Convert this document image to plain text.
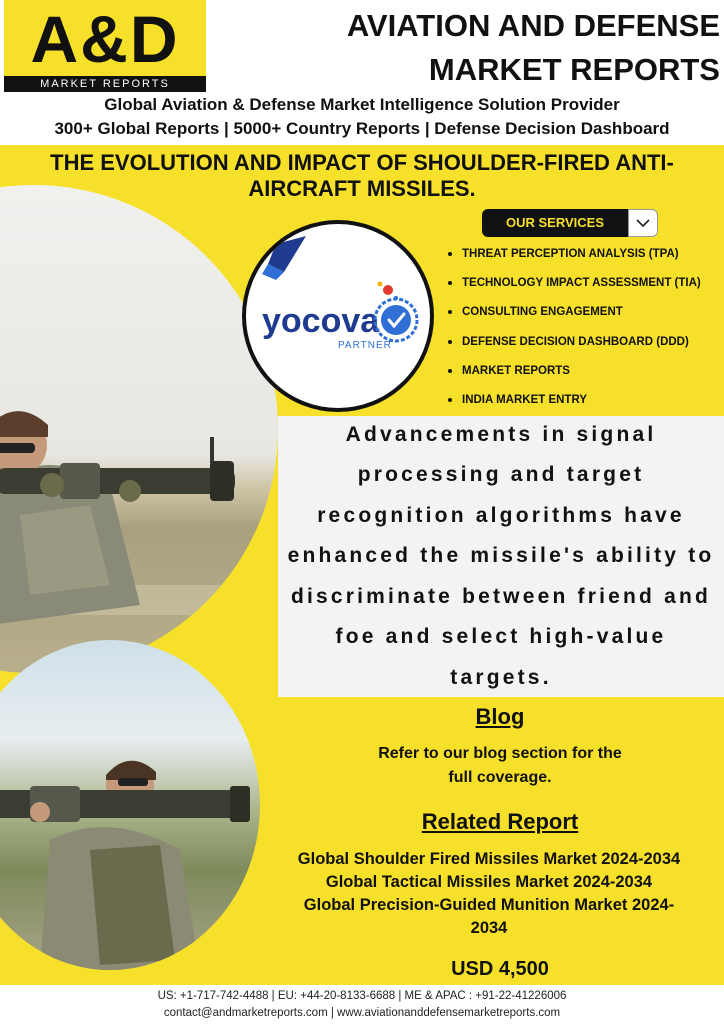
A&D
MARKET REPORTS
AVIATION AND DEFENSE
MARKET REPORTS
Global Aviation & Defense Market Intelligence Solution Provider
300+ Global Reports | 5000+ Country Reports | Defense Decision Dashboard
THE EVOLUTION AND IMPACT OF SHOULDER-FIRED ANTI-
AIRCRAFT MISSILES.
yocova
PARTNER
OUR SERVICES
THREAT PERCEPTION ANALYSIS (TPA)
TECHNOLOGY IMPACT ASSESSMENT (TIA)
CONSULTING ENGAGEMENT
DEFENSE DECISION DASHBOARD (DDD)
MARKET REPORTS
INDIA MARKET ENTRY
Advancements in signal processing and target recognition algorithms have enhanced the missile's ability to discriminate between friend and foe and select high-value targets.
Blog
Refer to our blog section for the
full coverage.
Related Report
Global Shoulder Fired Missiles Market 2024-2034
Global Tactical Missiles Market 2024-2034
Global Precision-Guided Munition Market 2024-
2034
USD 4,500
US: +1-717-742-4488 | EU: +44-20-8133-6688 | ME & APAC : +91-22-41226006
contact@andmarketreports.com | www.aviationanddefensemarketreports.com
